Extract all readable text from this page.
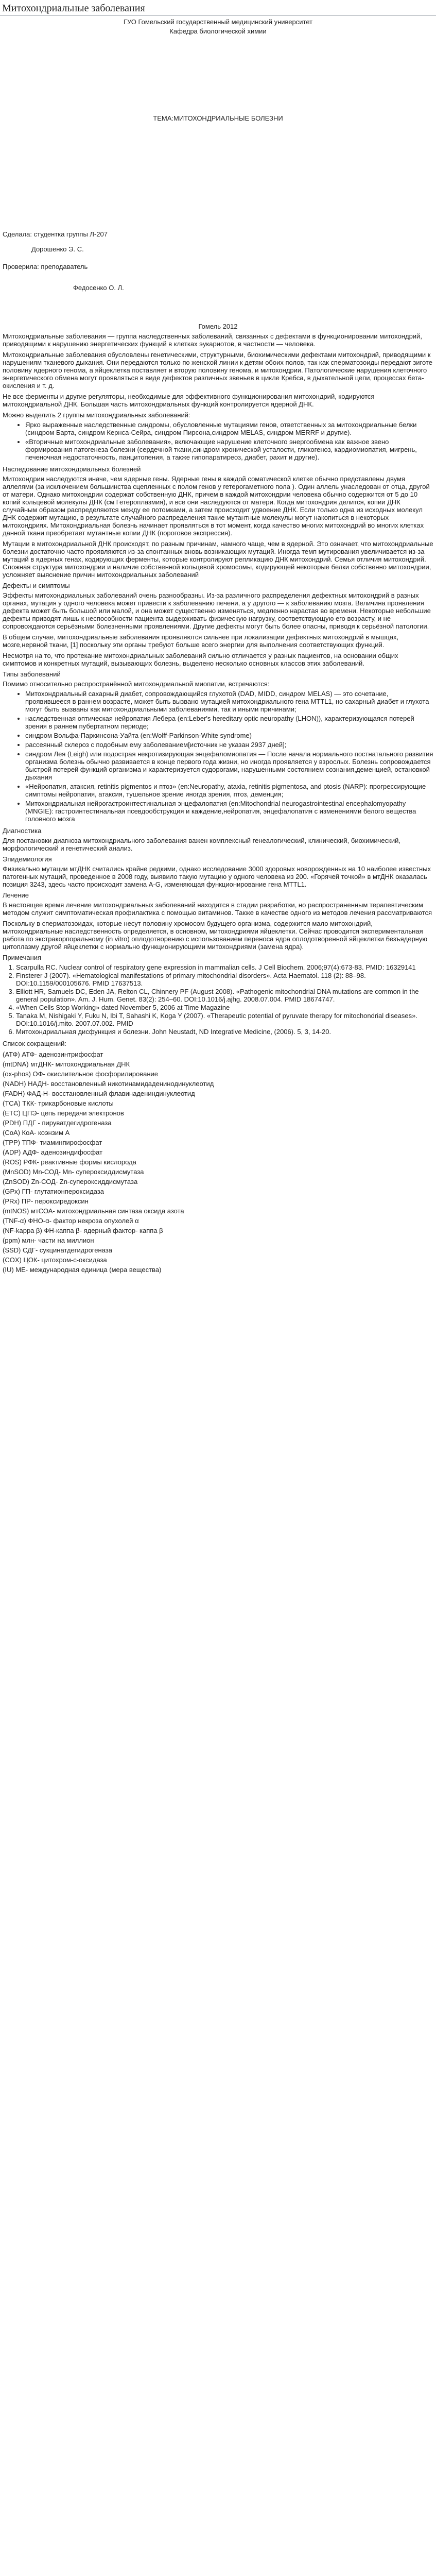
Митохондриальные заболевания
ГУО Гомельский государственный медицинский университет
Кафедра биологической химии
ТЕМА:МИТОХОНДРИАЛЬНЫЕ БОЛЕЗНИ
Сделала: студентка группы Л-207
Дорошенко Э. С.
Проверила: преподаватель
Федосенко О. Л.
Гомель 2012

Митохондриальные заболевания — группа наследственных заболеваний, связанных с дефектами в функционировании митохондрий, приводящими к нарушению энергетических функций в клетках эукариотов, в частности — человека.

Митохондриальные заболевания обусловлены генетическими, структурными, биохимическими дефектами митохондрий, приводящими к нарушениям тканевого дыхания. Они передаются только по женской линии к детям обоих полов, так как сперматозоиды передают зиготе половину ядерного генома, а яйцеклетка поставляет и вторую половину генома, и митохондрии. Патологические нарушения клеточного энергетического обмена могут проявляться в виде дефектов различных звеньев в цикле Кребса, в дыхательной цепи, процессах бета-окисления и т. д.

Не все ферменты и другие регуляторы, необходимые для эффективного функционирования митохондрий, кодируются митохондриальной ДНК. Большая часть митохондриальных функций контролируется ядерной ДНК.

Можно выделить 2 группы митохондриальных заболеваний:

• Ярко выраженные наследственные синдромы, обусловленные мутациями генов, ответственных за митохондриальные белки (синдром Барта, синдром Кернса-Сейра, синдром Пирсона,синдром MELAS, синдром MERRF и другие).
• «Вторичные митохондриальные заболевания», включающие нарушение клеточного энергообмена как важное звено формирования патогенеза болезни (сердечной ткани,синдром хронической усталости, гликогеноз, кардиомиопатия, мигрень, печеночная недостаточность, панцитопения, а также гипопаратиреоз, диабет, рахит и другие).
Наследование митохондриальных болезней

Митохондрии наследуются иначе, чем ядерные гены. Ядерные гены в каждой соматической клетке обычно представлены двумя аллелями (за исключением большинства сцепленных с полом генов у гетерогаметного пола ). Один аллель унаследован от отца, другой от матери. Однако митохондрии содержат собственную ДНК, причем в каждой митохондрии человека обычно содержится от 5 до 10 копий кольцевой молекулы ДНК (см Гетероплазмия), и все они наследуются от матери. Когда митохондрия делится, копии ДНК случайным образом распределяются между ее потомками, а затем происходит удвоение ДНК. Если только одна из исходных молекул ДНК содержит мутацию, в результате случайного распределения такие мутантные молекулы могут накопиться в некоторых митохондриях. Митохондриальная болезнь начинает проявляться в тот момент, когда качество многих митохондрий во многих клетках данной ткани преобретает мутантные копии ДНК (пороговое экспрессия).

Мутации в митохондриальной ДНК происходят, по разным причинам, намного чаще, чем в ядерной. Это означает, что митохондриальные болезни достаточно часто проявляются из-за спонтанных вновь возникающих мутаций. Иногда темп мутирования увеличивается из-за мутаций в ядерных генах, кодирующих ферменты, которые контролируют репликацию ДНК митохондрий. Семья отличия митохондрий. Сложная структура митохондрии и наличие собственной кольцевой хромосомы, кодирующей некоторые белки собственно митохондрии, усложняет выяснение причин митохондриальных заболеваний

Дефекты и симптомы

Эффекты митохондриальных заболеваний очень разнообразны. Из-за различного распределения дефектных митохондрий в разных органах, мутация у одного человека может привести к заболеванию печени, а у другого — к заболеванию мозга. Величина проявления дефекта может быть большой или малой, и она может существенно изменяться, медленно нарастая во времени. Некоторые небольшие дефекты приводят лишь к неспособности пациента выдерживать физическую нагрузку, соответствующую его возрасту, и не сопровождаются серьёзными болезненными проявлениями. Другие дефекты могут быть более опасны, приводя к серьёзной патологии.

В общем случае, митохондриальные заболевания проявляются сильнее при локализации дефектных митохондрий в мышцах, мозге,нервной ткани, [1] поскольку эти органы требуют больше всего энергии для выполнения соответствующих функций.

Несмотря на то, что протекание митохондриальных заболеваний сильно отличается у разных пациентов, на основании общих симптомов и конкретных мутаций, вызывающих болезнь, выделено несколько основных классов этих заболеваний.

Типы заболеваний

Помимо относительно распространённой митохондриальной миопатии, встречаются:

• Митохондриальный сахарный диабет, сопровождающийся глухотой (DAD, MIDD, синдром MELAS) — это сочетание, проявившееся в раннем возрасте, может быть вызвано мутацией митохондриального гена MTTL1, но сахарный диабет и глухота могут быть вызваны как митохондриальными заболеваниями, так и иными причинами;
• наследственная оптическая нейропатия Лебера (en:Leber's hereditary optic neuropathy (LHON)), характеризующаяся потерей зрения в раннем пубертатном периоде;
• синдром Вольфа-Паркинсона-Уайта (en:Wolff-Parkinson-White syndrome)
• рассеянный склероз с подобным ему заболеванием[источник не указан 2937 дней];
• синдром Лея (Leigh) или подострая некротизирующая энцефаломиопатия — После начала нормального постнатального развития организма болезнь обычно развивается в конце первого года жизни, но иногда проявляется у взрослых. Болезнь сопровождается быстрой потерей функций организма и характеризуется судорогами, нарушенными состоянием сознания,деменцией, остановкой дыхания
• «Нейропатия, атаксия, retinitis pigmentos и птоз» (en:Neuropathy, ataxia, retinitis pigmentosa, and ptosis (NARP): прогрессирующие симптомы нейропатия, атаксия, тушельное зрение иногда зрения, птоз, деменция;
• Митохондриальная нейрогастроинтестинальная энцефалопатия (en:Mitochondrial neurogastrointestinal encephalomyopathy (MNGIE): гастроинтестинальная псевдообструкция и каждение,нейропатия, энцефалопатия с изменениями белого вещества головного мозга
Диагностика

Для постановки диагноза митохондриального заболевания важен комплексный генеалогический, клинический, биохимический, морфологический и генетический анализ.

Эпидемиология

Физикально мутации мтДНК считались крайне редкими, однако исследование 3000 здоровых новорожденных на 10 наиболее известных патогенных мутаций, проведенное в 2008 году, выявило такую мутацию у одного человека из 200. «Горячей точкой» в мтДНК оказалась позиция 3243, здесь часто происходит замена A-G, изменяющая функционирование гена MTTL1.

Лечение

В настоящее время лечение митохондриальных заболеваний находится в стадии разработки, но распространенным терапевтическим методом служит симптоматическая профилактика с помощью витаминов. Также в качестве одного из методов лечения рассматриваются

Поскольку в сперматозоидах, которые несут половину хромосом будущего организма, содержится мало митохондрий, митохондриальные наследственность определяется, в основном, митохондриями яйцеклетки. Сейчас проводится экспериментальная работа по экстракорпоральному (in vitro) оплодотворению с использованием переноса ядра оплодотворенной яйцеклетки безъядерную цитоплазму другой яйцеклетки с нормально функционирующими митохондриями (замена ядра).

Примечания
1. Scarpulla RC. Nuclear control of respiratory gene expression in mammalian cells. J Cell Biochem. 2006;97(4):673-83. PMID: 16329141
2. Finsterer J (2007). «Hematological manifestations of primary mitochondrial disorders». Acta Haematol. 118 (2): 88–98. DOI:10.1159/000105676. PMID 17637513.
3. Elliott HR, Samuels DC, Eden JA, Relton CL, Chinnery PF (August 2008). «Pathogenic mitochondrial DNA mutations are common in the general population». Am. J. Hum. Genet. 83(2): 254–60. DOI:10.1016/j.ajhg. 2008.07.004. PMID 18674747.
4. «When Cells Stop Working» dated November 5, 2006 at Time Magazine
5. Tanaka M, Nishigaki Y, Fuku N, Ibi T, Sahashi K, Koga Y (2007). «Therapeutic potential of pyruvate therapy for mitochondrial diseases». DOI:10.1016/j.mito. 2007.07.002. PMID
6. Митохондриальная дисфункция и болезни. John Neustadt, ND Integrative Medicine, (2006). 5, 3, 14-20.
Список сокращений:
(АТФ) АТФ- аденозинтрифосфат
(mtDNA) мтДНК- митохондриальная ДНК
(ox-phos) ОФ- окислительное фосфорилирование
(NADH) НАДН- восстановленный никотинамидаденинодинуклеотид
(FADH) ФАД-Н- восстановленный флавинадениндинуклеотид
(TCA) ТКК- трикарбоновые кислоты
(ETC) ЦПЭ- цепь передачи электронов
(PDH) ПДГ - пируватдегидрогеназа
(CoA) КоА- коэнзим А
(TPP) ТПФ- тиаминпирофосфат
(ADP) АДФ- аденозиндифосфат
(ROS) РФК- реактивные формы кислорода
(MnSOD) Mn-СОД- Mn- супероксиддисмутаза
(ZnSOD) Zn-СОД- Zn-супероксиддисмутаза
(GPx) ГП- глутатионпероксидаза
(PRx) ПР- пероксиредоксин
(mtNOS) мтСОА- митохондриальная синтаза оксида азота
(TNF-α) ФНО-α- фактор некроза опухолей α
(NF-kappa β) ФН-каппа β- ядерный фактор- каппа β
(ppm) млн- части на миллион
(SSD) СДГ- сукцинатдегидрогеназа
(COX) ЦОК- цитохром-с-оксидаза
(IU) МЕ- международная единица (мера вещества)
